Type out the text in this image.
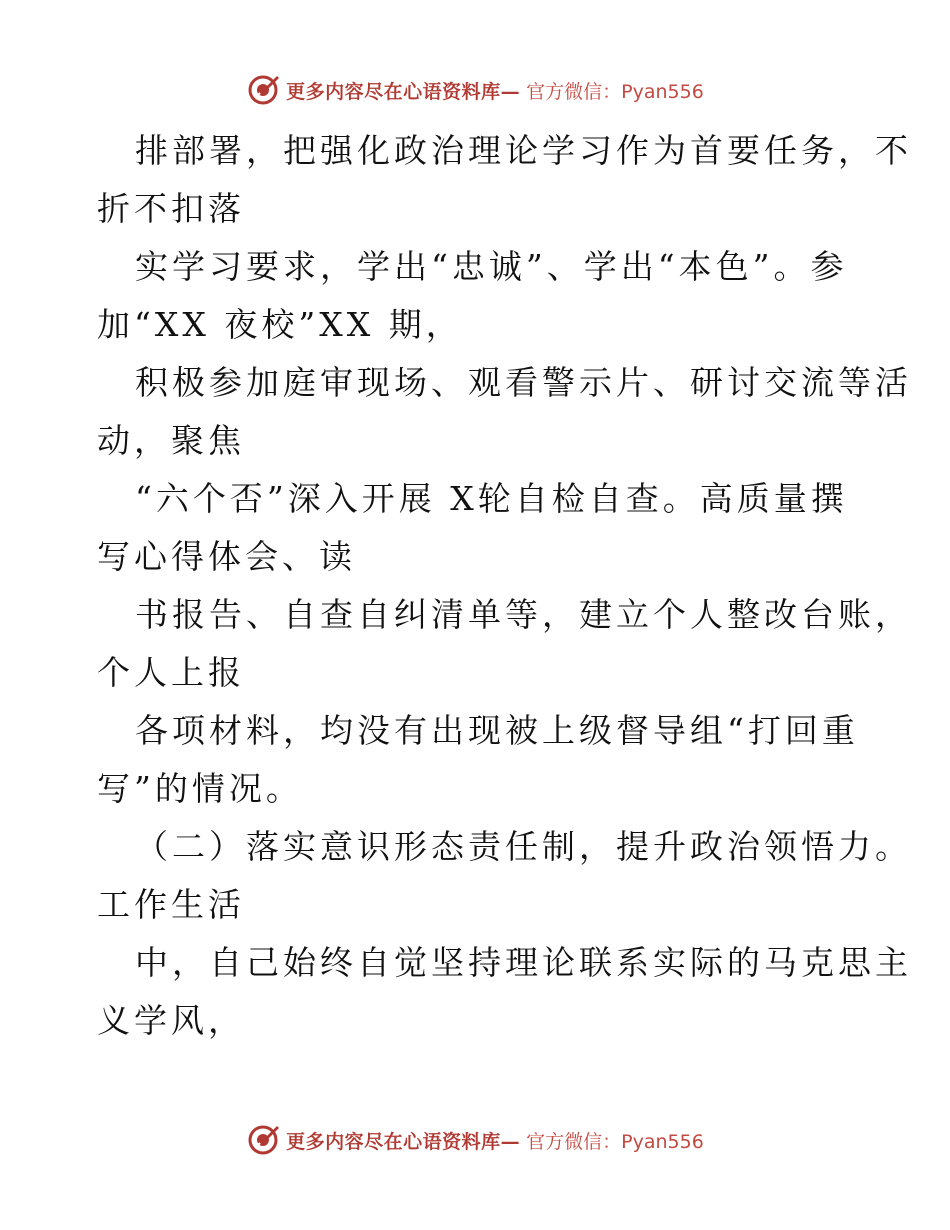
更多内容尽在心语资料库— 官方微信：Pyan556
排部署，把强化政治理论学习作为首要任务，不
折不扣落
实学习要求，学出“忠诚”、学出“本色”。参
加“XX 夜校”XX 期，
积极参加庭审现场、观看警示片、研讨交流等活
动，聚焦
“六个否”深入开展 X轮自检自查。高质量撰
写心得体会、读
书报告、自查自纠清单等，建立个人整改台账，
个人上报
各项材料，均没有出现被上级督导组“打回重
写”的情况。
（二）落实意识形态责任制，提升政治领悟力。
工作生活
中，自己始终自觉坚持理论联系实际的马克思主
义学风，
更多内容尽在心语资料库— 官方微信：Pyan556
